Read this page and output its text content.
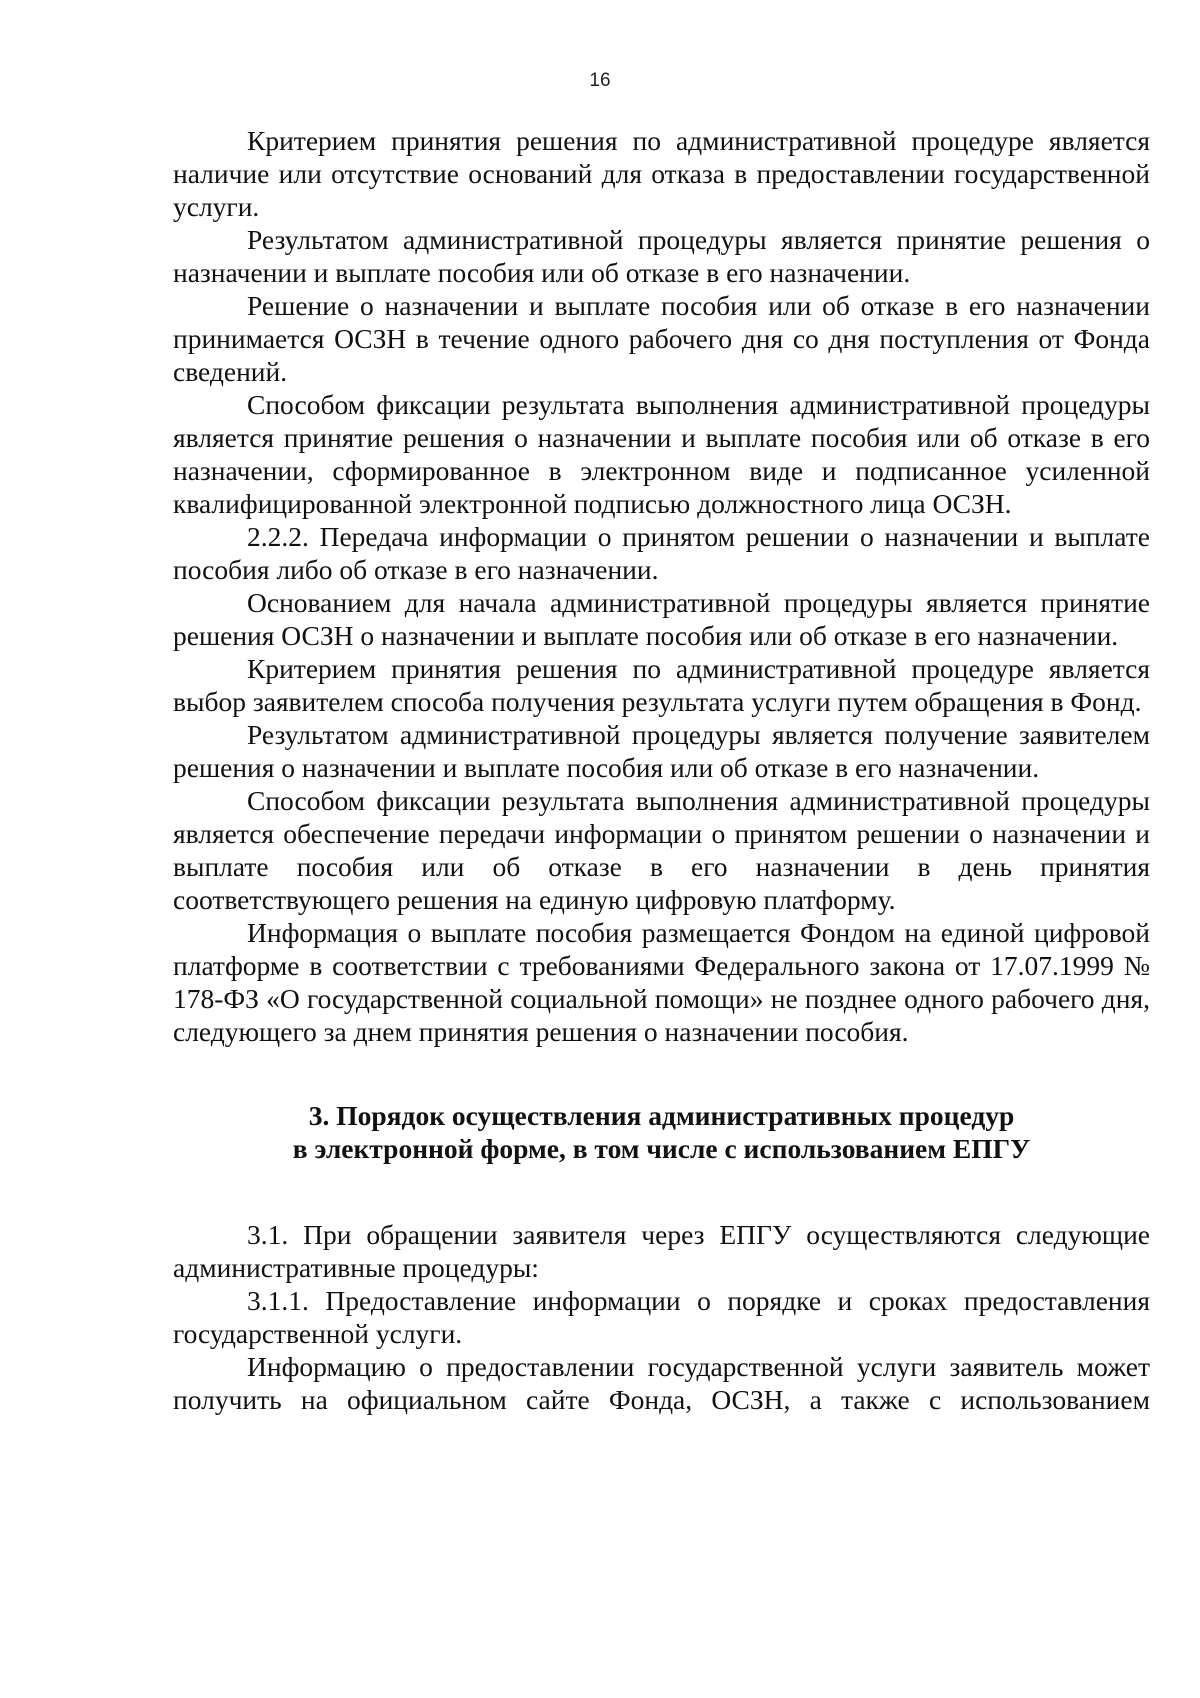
16

Критерием принятия решения по административной процедуре является наличие или отсутствие оснований для отказа в предоставлении государственной услуги.

Результатом административной процедуры является принятие решения о назначении и выплате пособия или об отказе в его назначении.

Решение о назначении и выплате пособия или об отказе в его назначении принимается ОСЗН в течение одного рабочего дня со дня поступления от Фонда сведений.

Способом фиксации результата выполнения административной процедуры является принятие решения о назначении и выплате пособия или об отказе в его назначении, сформированное в электронном виде и подписанное усиленной квалифицированной электронной подписью должностного лица ОСЗН.

2.2.2. Передача информации о принятом решении о назначении и выплате пособия либо об отказе в его назначении.

Основанием для начала административной процедуры является принятие решения ОСЗН о назначении и выплате пособия или об отказе в его назначении.

Критерием принятия решения по административной процедуре является выбор заявителем способа получения результата услуги путем обращения в Фонд.

Результатом административной процедуры является получение заявителем решения о назначении и выплате пособия или об отказе в его назначении.

Способом фиксации результата выполнения административной процедуры является обеспечение передачи информации о принятом решении о назначении и выплате пособия или об отказе в его назначении в день принятия соответствующего решения на единую цифровую платформу.

Информация о выплате пособия размещается Фондом на единой цифровой платформе в соответствии с требованиями Федерального закона от 17.07.1999 № 178-ФЗ «О государственной социальной помощи» не позднее одного рабочего дня, следующего за днем принятия решения о назначении пособия.

3. Порядок осуществления административных процедур
в электронной форме, в том числе с использованием ЕПГУ

3.1. При обращении заявителя через ЕПГУ осуществляются следующие административные процедуры:

3.1.1. Предоставление информации о порядке и сроках предоставления государственной услуги.

Информацию о предоставлении государственной услуги заявитель может получить на официальном сайте Фонда, ОСЗН, а также с использованием
